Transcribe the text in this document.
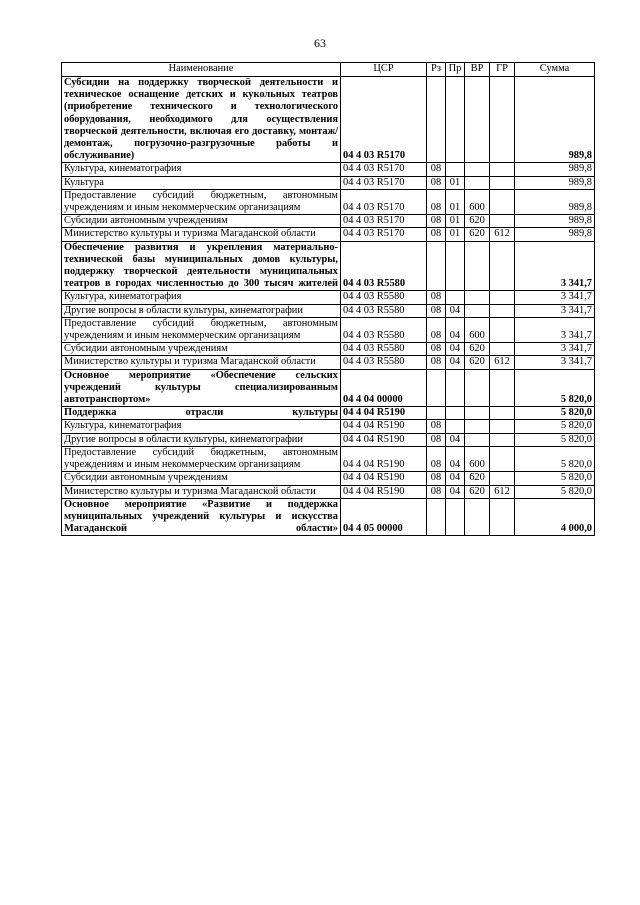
63
Наименование	ЦСР	Рз	Пр	ВР	ГР	Сумма
Субсидии на поддержку творческой деятельности и техническое оснащение детских и кукольных театров (приобретение технического и технологического оборудования, необходимого для осуществления творческой деятельности, включая его доставку, монтаж/демонтаж, погрузочно-разгрузочные работы и обслуживание)	04 4 03 R5170					989,8
Культура, кинематография	04 4 03 R5170	08				989,8
Культура	04 4 03 R5170	08	01			989,8
Предоставление субсидий бюджетным, автономным учреждениям и иным некоммерческим организациям	04 4 03 R5170	08	01	600		989,8
Субсидии автономным учреждениям	04 4 03 R5170	08	01	620		989,8
Министерство культуры и туризма Магаданской области	04 4 03 R5170	08	01	620	612	989,8
Обеспечение развития и укрепления материально-технической базы муниципальных домов культуры, поддержку творческой деятельности муниципальных театров в городах численностью до 300 тысяч жителей	04 4 03 R5580					3 341,7
Культура, кинематография	04 4 03 R5580	08				3 341,7
Другие вопросы в области культуры, кинематографии	04 4 03 R5580	08	04			3 341,7
Предоставление субсидий бюджетным, автономным учреждениям и иным некоммерческим организациям	04 4 03 R5580	08	04	600		3 341,7
Субсидии автономным учреждениям	04 4 03 R5580	08	04	620		3 341,7
Министерство культуры и туризма Магаданской области	04 4 03 R5580	08	04	620	612	3 341,7
Основное мероприятие «Обеспечение сельских учреждений культуры специализированным автотранспортом»	04 4 04 00000					5 820,0
Поддержка отрасли культуры	04 4 04 R5190					5 820,0
Культура, кинематография	04 4 04 R5190	08				5 820,0
Другие вопросы в области культуры, кинематографии	04 4 04 R5190	08	04			5 820,0
Предоставление субсидий бюджетным, автономным учреждениям и иным некоммерческим организациям	04 4 04 R5190	08	04	600		5 820,0
Субсидии автономным учреждениям	04 4 04 R5190	08	04	620		5 820,0
Министерство культуры и туризма Магаданской области	04 4 04 R5190	08	04	620	612	5 820,0
Основное мероприятие «Развитие и поддержка муниципальных учреждений культуры и искусства Магаданской области»	04 4 05 00000					4 000,0
